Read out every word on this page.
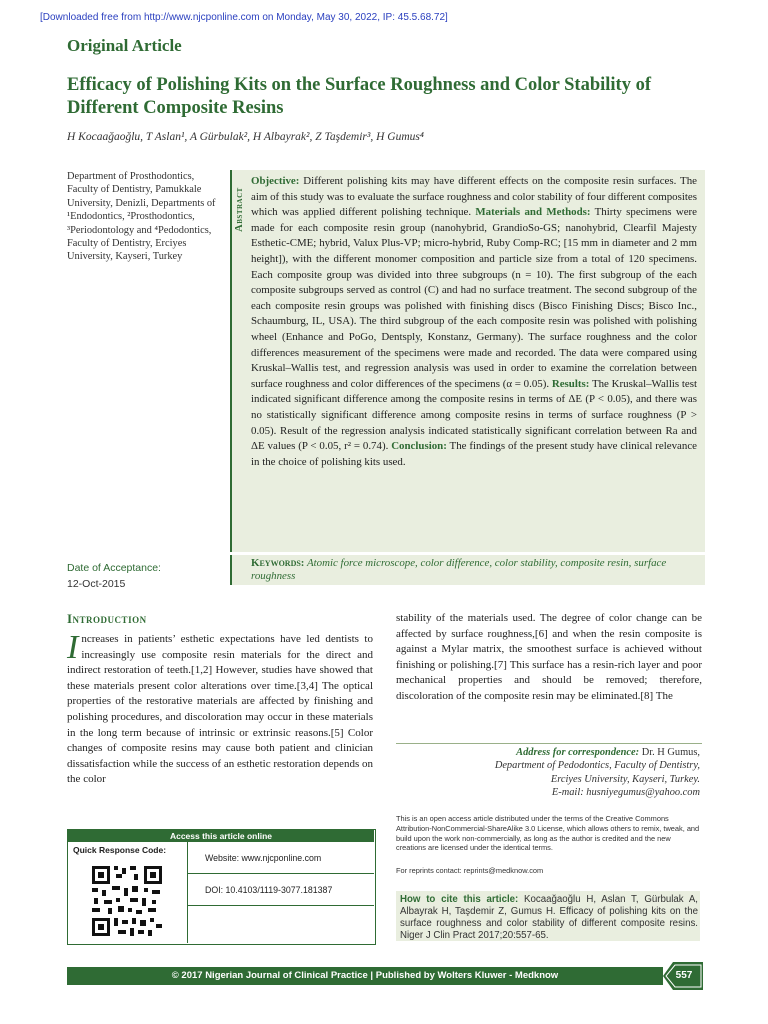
[Downloaded free from http://www.njcponline.com on Monday, May 30, 2022, IP: 45.5.68.72]
Original Article
Efficacy of Polishing Kits on the Surface Roughness and Color Stability of Different Composite Resins
H Kocaağaoğlu, T Aslan¹, A Gürbulak², H Albayrak², Z Taşdemir³, H Gumus⁴
Department of Prosthodontics, Faculty of Dentistry, Pamukkale University, Denizli, Departments of ¹Endodontics, ²Prosthodontics, ³Periodontology and ⁴Pedodontics, Faculty of Dentistry, Erciyes University, Kayseri, Turkey
Date of Acceptance:
12-Oct-2015
Abstract
Objective: Different polishing kits may have different effects on the composite resin surfaces. The aim of this study was to evaluate the surface roughness and color stability of four different composites which was applied different polishing technique. Materials and Methods: Thirty specimens were made for each composite resin group (nanohybrid, GrandioSo-GS; nanohybrid, Clearfil Majesty Esthetic-CME; hybrid, Valux Plus-VP; micro-hybrid, Ruby Comp-RC; [15 mm in diameter and 2 mm height]), with the different monomer composition and particle size from a total of 120 specimens. Each composite group was divided into three subgroups (n = 10). The first subgroup of the each composite subgroups served as control (C) and had no surface treatment. The second subgroup of the each composite resin groups was polished with finishing discs (Bisco Finishing Discs; Bisco Inc., Schaumburg, IL, USA). The third subgroup of the each composite resin was polished with polishing wheel (Enhance and PoGo, Dentsply, Konstanz, Germany). The surface roughness and the color differences measurement of the specimens were made and recorded. The data were compared using Kruskal–Wallis test, and regression analysis was used in order to examine the correlation between surface roughness and color differences of the specimens (α = 0.05). Results: The Kruskal–Wallis test indicated significant difference among the composite resins in terms of ΔE (P < 0.05), and there was no statistically significant difference among composite resins in terms of surface roughness (P > 0.05). Result of the regression analysis indicated statistically significant correlation between Ra and ΔE values (P < 0.05, r² = 0.74). Conclusion: The findings of the present study have clinical relevance in the choice of polishing kits used.
Keywords: Atomic force microscope, color difference, color stability, composite resin, surface roughness
Introduction
Increases in patients’ esthetic expectations have led dentists to increasingly use composite resin materials for the direct and indirect restoration of teeth.[1,2] However, studies have showed that these materials present color alterations over time.[3,4] The optical properties of the restorative materials are affected by finishing and polishing procedures, and discoloration may occur in these materials in the long term because of intrinsic or extrinsic reasons.[5] Color changes of composite resins may cause both patient and clinician dissatisfaction while the success of an esthetic restoration depends on the color
stability of the materials used. The degree of color change can be affected by surface roughness,[6] and when the resin composite is against a Mylar matrix, the smoothest surface is achieved without finishing or polishing.[7] This surface has a resin-rich layer and poor mechanical properties and should be removed; therefore, discoloration of the composite resin may be eliminated.[8] The
Address for correspondence: Dr. H Gumus,
Department of Pedodontics, Faculty of Dentistry,
Erciyes University, Kayseri, Turkey.
E-mail: husniyegumus@yahoo.com
This is an open access article distributed under the terms of the Creative Commons Attribution-NonCommercial-ShareAlike 3.0 License, which allows others to remix, tweak, and build upon the work non-commercially, as long as the author is credited and the new creations are licensed under the identical terms.
For reprints contact: reprints@medknow.com
How to cite this article: Kocaağaoğlu H, Aslan T, Gürbulak A, Albayrak H, Taşdemir Z, Gumus H. Efficacy of polishing kits on the surface roughness and color stability of different composite resins. Niger J Clin Pract 2017;20:557-65.
Access this article online
Quick Response Code:
Website: www.njcponline.com
DOI: 10.4103/1119-3077.181387
© 2017 Nigerian Journal of Clinical Practice | Published by Wolters Kluwer - Medknow	557
